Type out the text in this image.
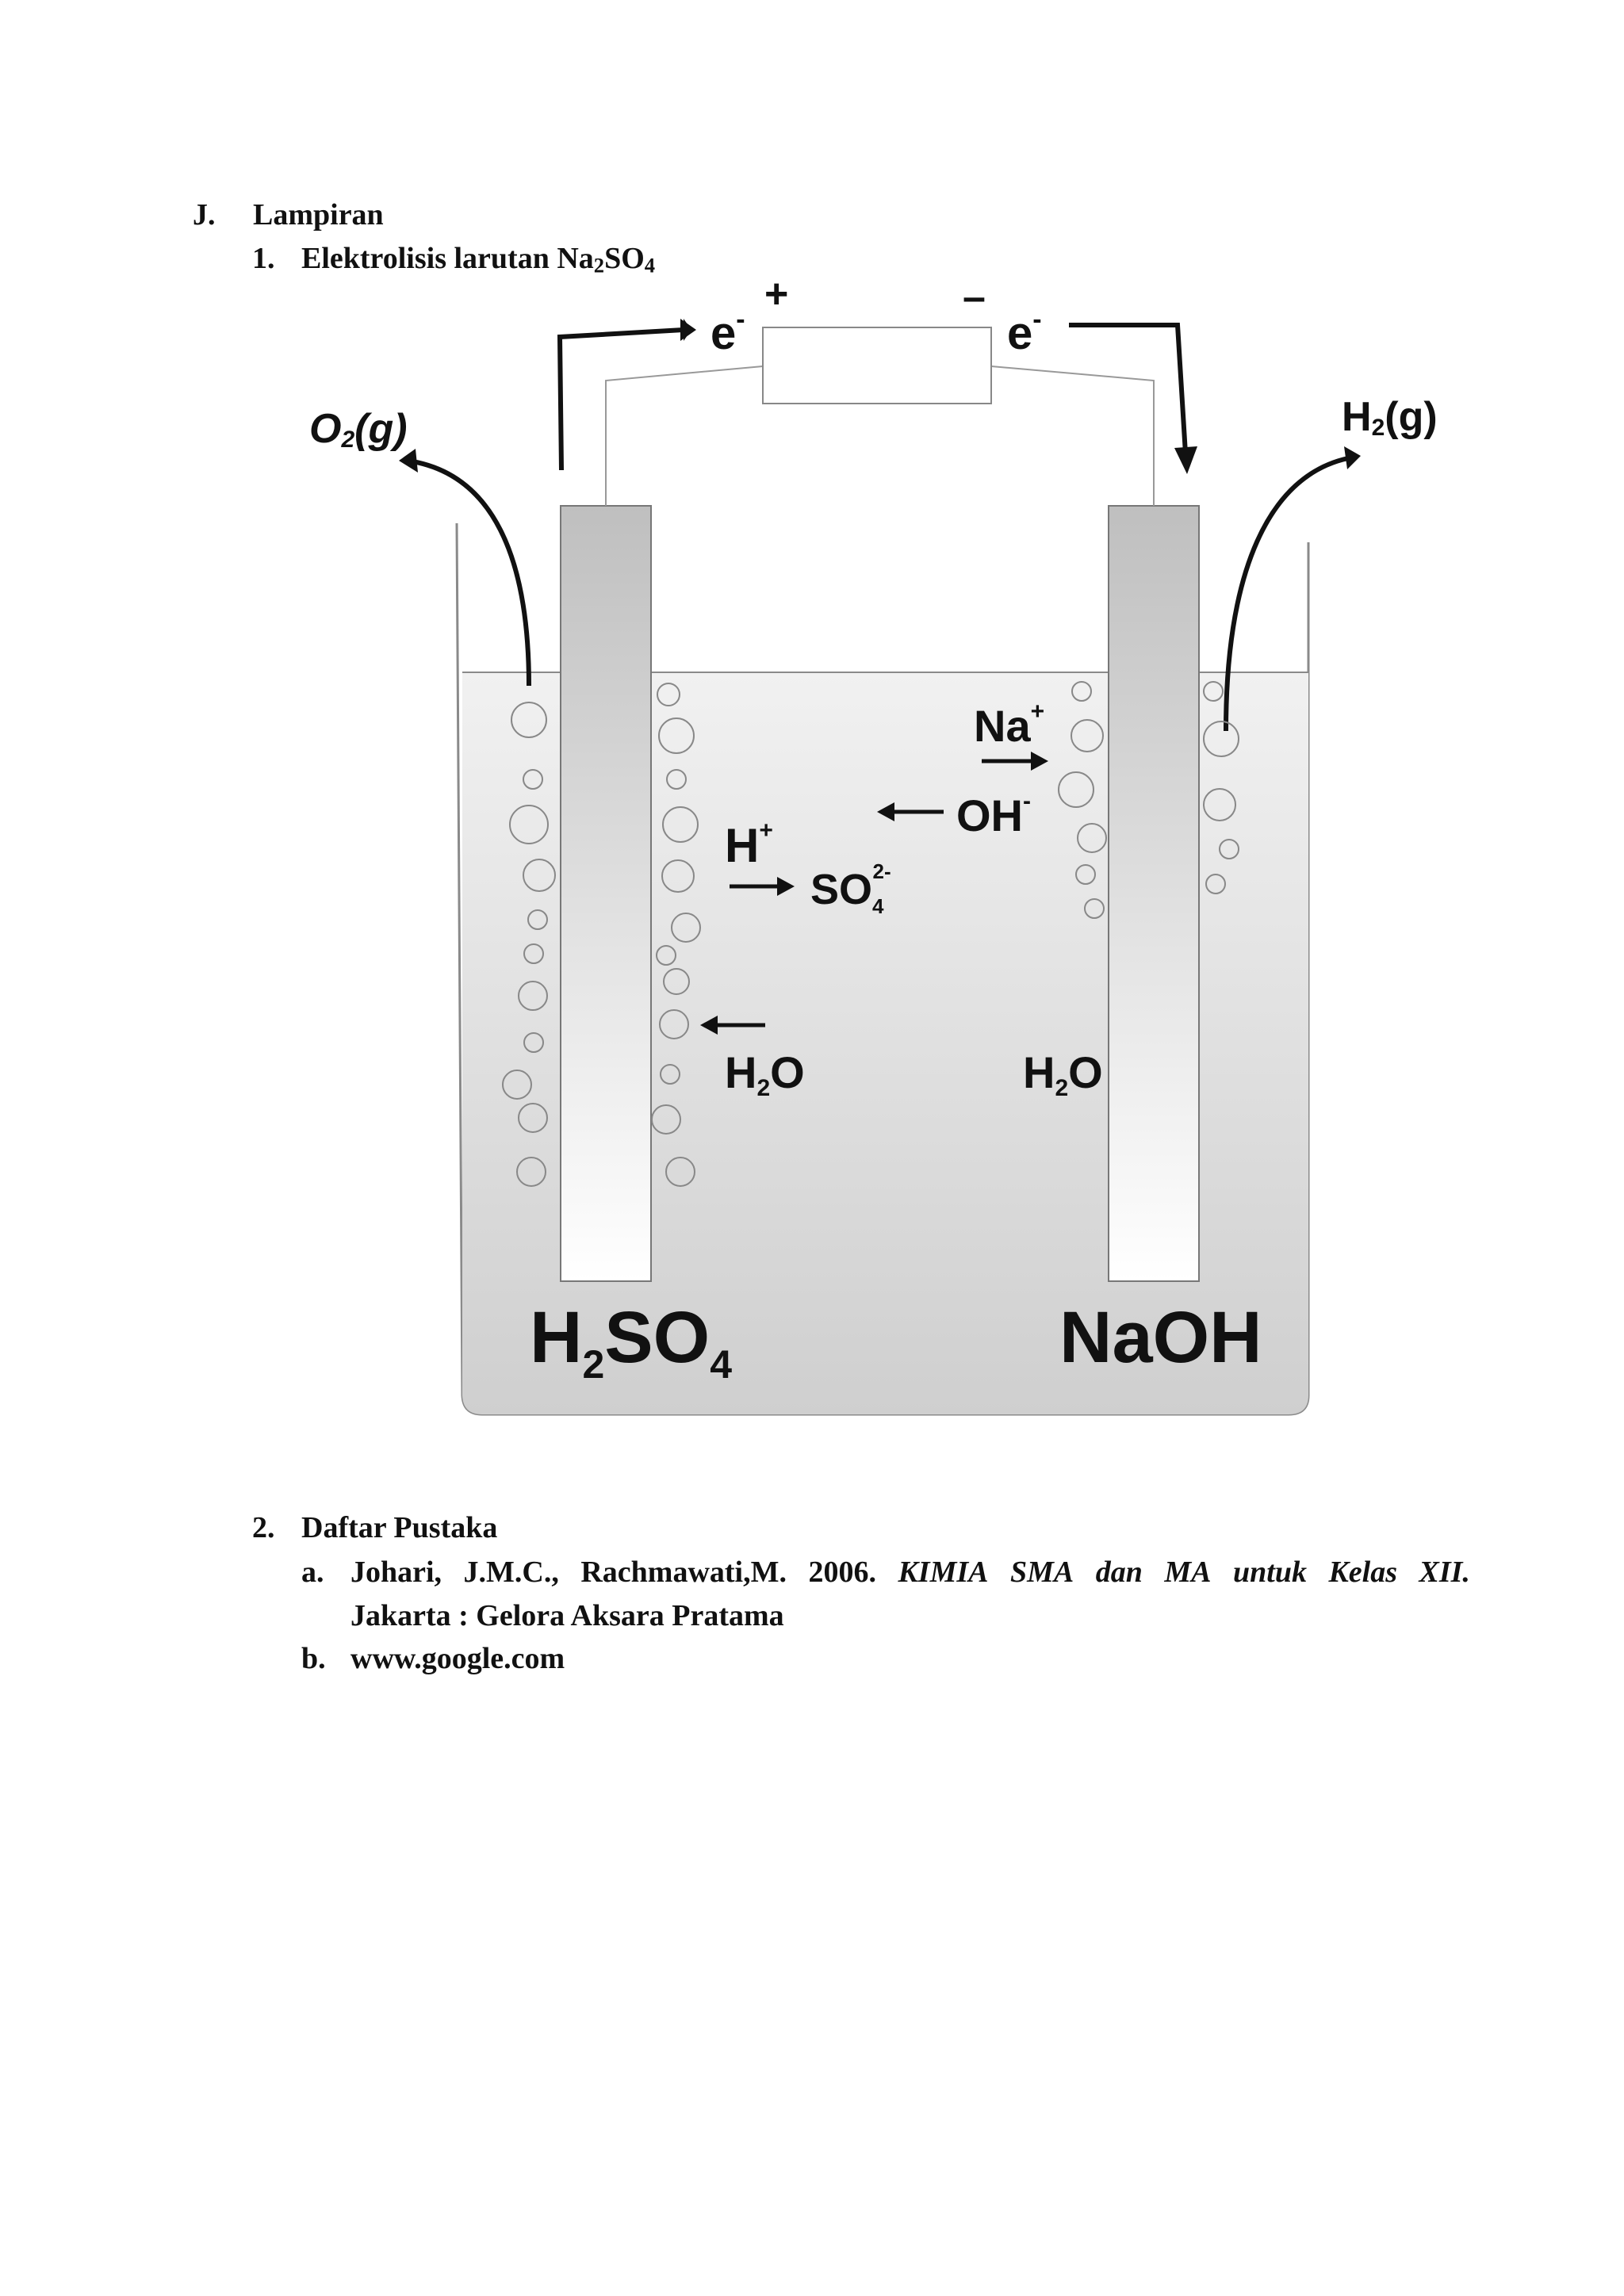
J. Lampiran
1. Elektrolisis larutan $Na_2SO_4$
O2(g)	H2(g)
e-
+	–
e-
Na+
OH-
H+
$SO_42-$
H2O	H2O
$H_2SO_4$	NaOH
2. Daftar Pustaka
a. Johari, J.M.C., Rachmawati,M. 2006. KIMIA SMA dan MA untuk Kelas XII.
Jakarta : Gelora Aksara Pratama
b. www.google.com
